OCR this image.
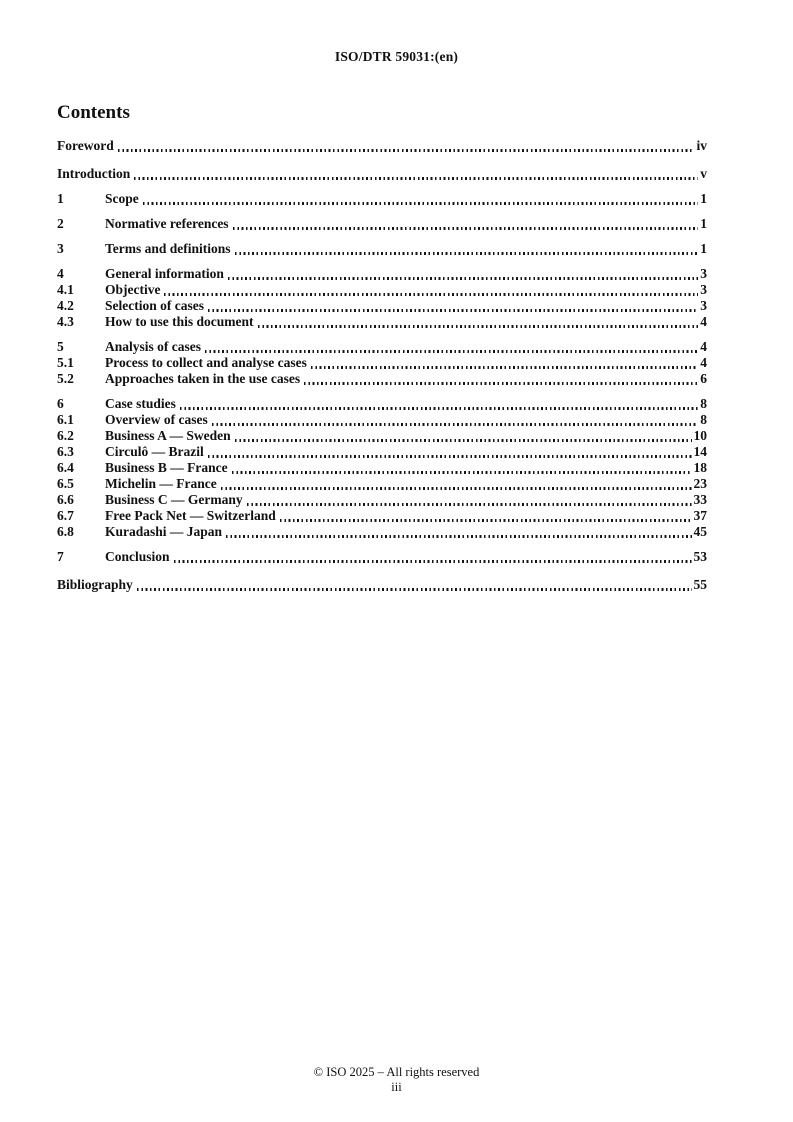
ISO/DTR 59031:(en)
Contents
Foreword	iv
Introduction	v
1	Scope	1
2	Normative references	1
3	Terms and definitions	1
4	General information	3
4.1	Objective	3
4.2	Selection of cases	3
4.3	How to use this document	4
5	Analysis of cases	4
5.1	Process to collect and analyse cases	4
5.2	Approaches taken in the use cases	6
6	Case studies	8
6.1	Overview of cases	8
6.2	Business A — Sweden	10
6.3	Circulô — Brazil	14
6.4	Business B — France	18
6.5	Michelin — France	23
6.6	Business C — Germany	33
6.7	Free Pack Net — Switzerland	37
6.8	Kuradashi — Japan	45
7	Conclusion	53
Bibliography	55
© ISO 2025 – All rights reserved
iii
